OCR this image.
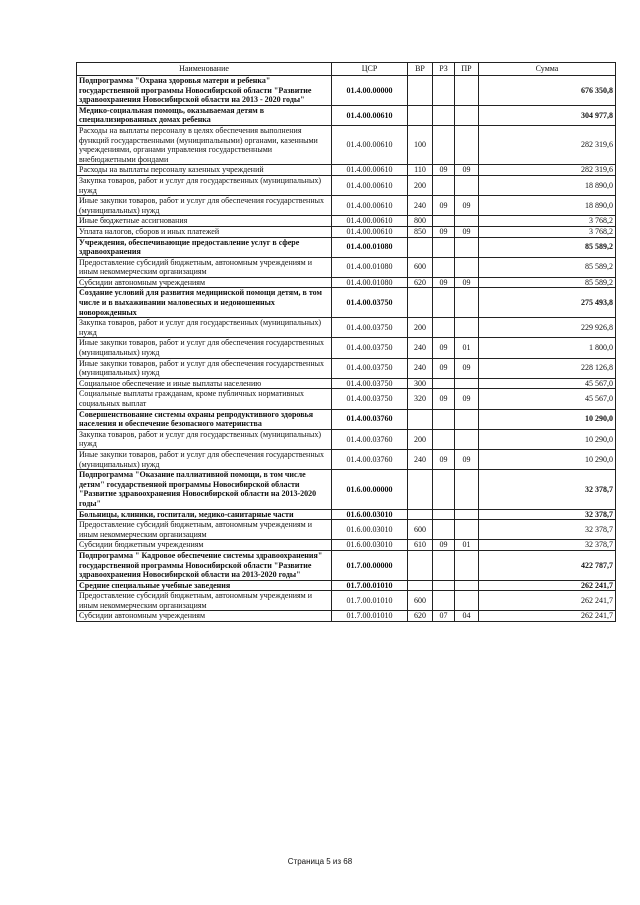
Наименование	ЦСР	ВР	РЗ	ПР	Сумма
Подпрограмма "Охрана здоровья матери и ребенка" государственной программы Новосибирской области "Развитие здравоохранения Новосибирской области на 2013 - 2020 годы"	01.4.00.00000				676 350,8
Медико-социальная помощь, оказываемая детям в специализированных домах ребенка	01.4.00.00610				304 977,8
Расходы на выплаты персоналу в целях обеспечения выполнения функций государственными (муниципальными) органами, казенными учреждениями, органами управления государственными внебюджетными фондами	01.4.00.00610	100			282 319,6
Расходы на выплаты персоналу казенных учреждений	01.4.00.00610	110	09	09	282 319,6
Закупка товаров, работ и услуг для государственных (муниципальных) нужд	01.4.00.00610	200			18 890,0
Иные закупки товаров, работ и услуг для обеспечения государственных (муниципальных) нужд	01.4.00.00610	240	09	09	18 890,0
Иные бюджетные ассигнования	01.4.00.00610	800			3 768,2
Уплата налогов, сборов и иных платежей	01.4.00.00610	850	09	09	3 768,2
Учреждения, обеспечивающие предоставление услуг в сфере здравоохранения	01.4.00.01080				85 589,2
Предоставление субсидий бюджетным, автономным учреждениям и иным некоммерческим организациям	01.4.00.01080	600			85 589,2
Субсидии автономным учреждениям	01.4.00.01080	620	09	09	85 589,2
Создание условий для развития медицинской помощи детям, в том числе и в выхаживании маловесных и недоношенных новорожденных	01.4.00.03750				275 493,8
Закупка товаров, работ и услуг для государственных (муниципальных) нужд	01.4.00.03750	200			229 926,8
Иные закупки товаров, работ и услуг для обеспечения государственных (муниципальных) нужд	01.4.00.03750	240	09	01	1 800,0
Иные закупки товаров, работ и услуг для обеспечения государственных (муниципальных) нужд	01.4.00.03750	240	09	09	228 126,8
Социальное обеспечение и иные выплаты населению	01.4.00.03750	300			45 567,0
Социальные выплаты гражданам, кроме публичных нормативных социальных выплат	01.4.00.03750	320	09	09	45 567,0
Совершенствование системы охраны репродуктивного здоровья населения и обеспечение безопасного материнства	01.4.00.03760				10 290,0
Закупка товаров, работ и услуг для государственных (муниципальных) нужд	01.4.00.03760	200			10 290,0
Иные закупки товаров, работ и услуг для обеспечения государственных (муниципальных) нужд	01.4.00.03760	240	09	09	10 290,0
Подпрограмма "Оказание паллиативной помощи, в том числе детям" государственной программы Новосибирской области "Развитие здравоохранения Новосибирской области на 2013-2020 годы"	01.6.00.00000				32 378,7
Больницы, клиники, госпитали, медико-санитарные части	01.6.00.03010				32 378,7
Предоставление субсидий бюджетным, автономным учреждениям и иным некоммерческим организациям	01.6.00.03010	600			32 378,7
Субсидии бюджетным учреждениям	01.6.00.03010	610	09	01	32 378,7
Подпрограмма " Кадровое обеспечение системы здравоохранения" государственной программы Новосибирской области "Развитие здравоохранения Новосибирской области на 2013-2020 годы"	01.7.00.00000				422 787,7
Средние специальные учебные заведения	01.7.00.01010				262 241,7
Предоставление субсидий бюджетным, автономным учреждениям и иным некоммерческим организациям	01.7.00.01010	600			262 241,7
Субсидии автономным учреждениям	01.7.00.01010	620	07	04	262 241,7
Страница 5 из 68
